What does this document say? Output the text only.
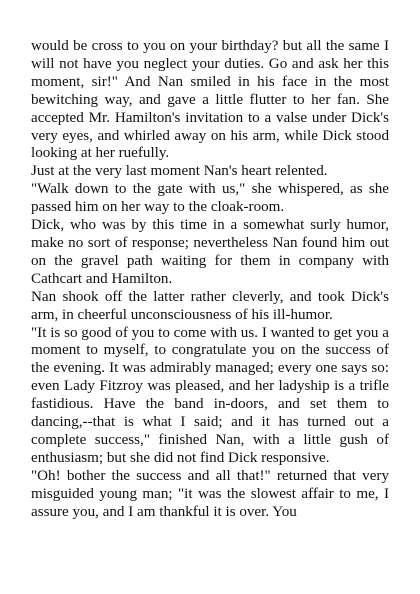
would be cross to you on your birthday? but all the same I will not have you neglect your duties. Go and ask her this moment, sir!" And Nan smiled in his face in the most bewitching way, and gave a little flutter to her fan. She accepted Mr. Hamilton's invitation to a valse under Dick's very eyes, and whirled away on his arm, while Dick stood looking at her ruefully.

Just at the very last moment Nan's heart relented.

"Walk down to the gate with us," she whispered, as she passed him on her way to the cloak-room.

Dick, who was by this time in a somewhat surly humor, make no sort of response; nevertheless Nan found him out on the gravel path waiting for them in company with Cathcart and Hamilton.

Nan shook off the latter rather cleverly, and took Dick's arm, in cheerful unconsciousness of his ill-humor.

"It is so good of you to come with us. I wanted to get you a moment to myself, to congratulate you on the success of the evening. It was admirably managed; every one says so: even Lady Fitzroy was pleased, and her ladyship is a trifle fastidious. Have the band in-doors, and set them to dancing,--that is what I said; and it has turned out a complete success," finished Nan, with a little gush of enthusiasm; but she did not find Dick responsive.

"Oh! bother the success and all that!" returned that very misguided young man; "it was the slowest affair to me, I assure you, and I am thankful it is over. You
